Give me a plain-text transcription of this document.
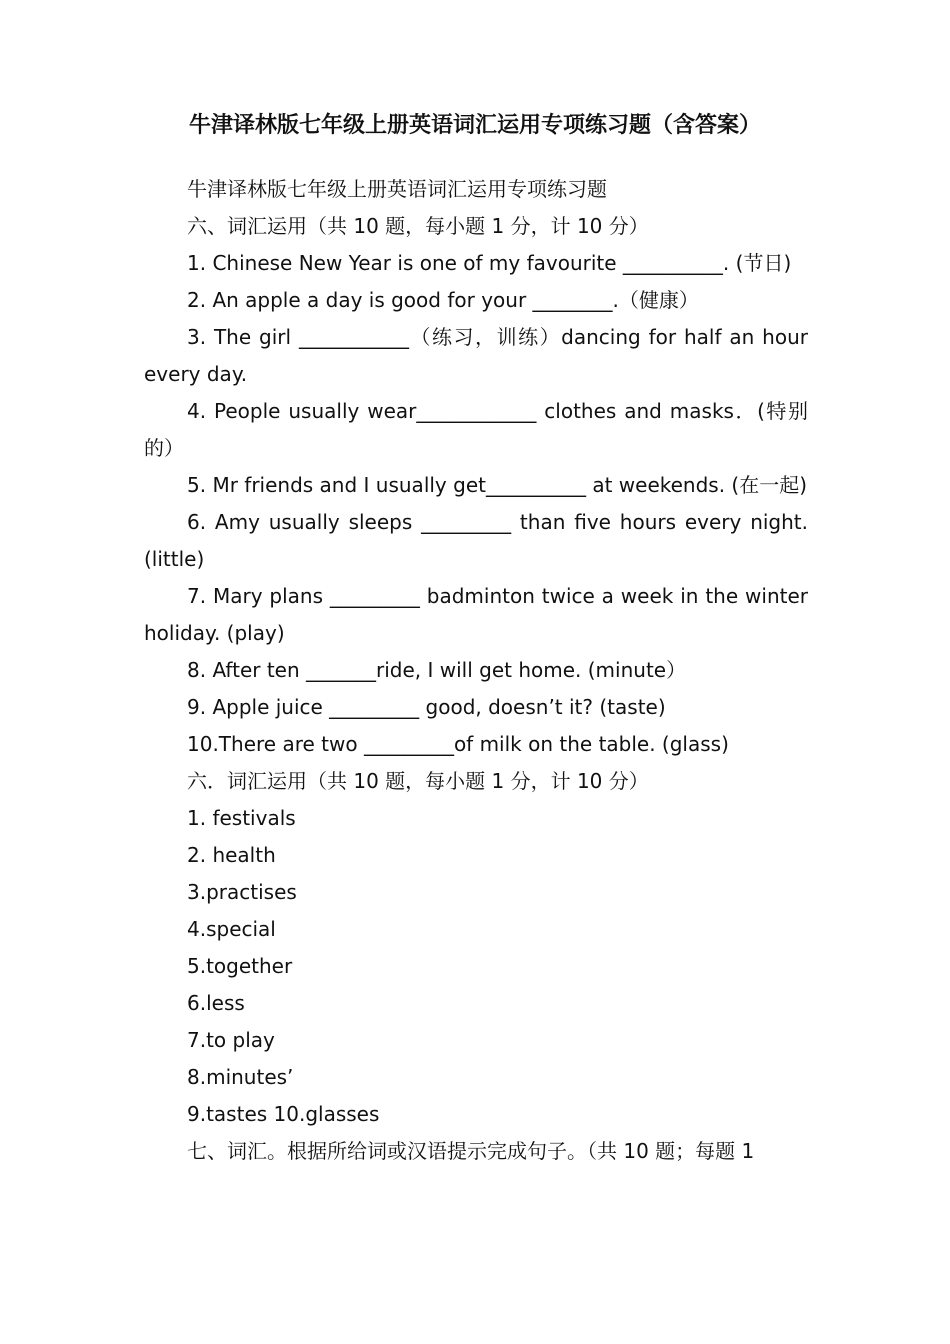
牛津译林版七年级上册英语词汇运用专项练习题（含答案）
牛津译林版七年级上册英语词汇运用专项练习题
六、词汇运用（共 10 题，每小题 1 分，计 10 分）
1. Chinese New Year is one of my favourite __________. (节日)
2. An apple a day is good for your ________.（健康）

3. The girl ___________（练习，训练）dancing for half an hour every day.

4. People usually wear____________ clothes and masks．(特别的）

5. Mr friends and I usually get__________ at weekends. (在一起)

6. Amy usually sleeps _________ than five hours every night. (little)

7. Mary plans _________ badminton twice a week in the winter holiday. (play)

8. After ten _______ride, I will get home. (minute）
9. Apple juice _________ good, doesn’t it? (taste)
10.There are two _________of milk on the table. (glass)
六．词汇运用（共 10 题，每小题 1 分，计 10 分）
1. festivals
2. health
3.practises
4.special
5.together
6.less
7.to play
8.minutes’
9.tastes 10.glasses
七、词汇。根据所给词或汉语提示完成句子。（共 10 题；每题 1
